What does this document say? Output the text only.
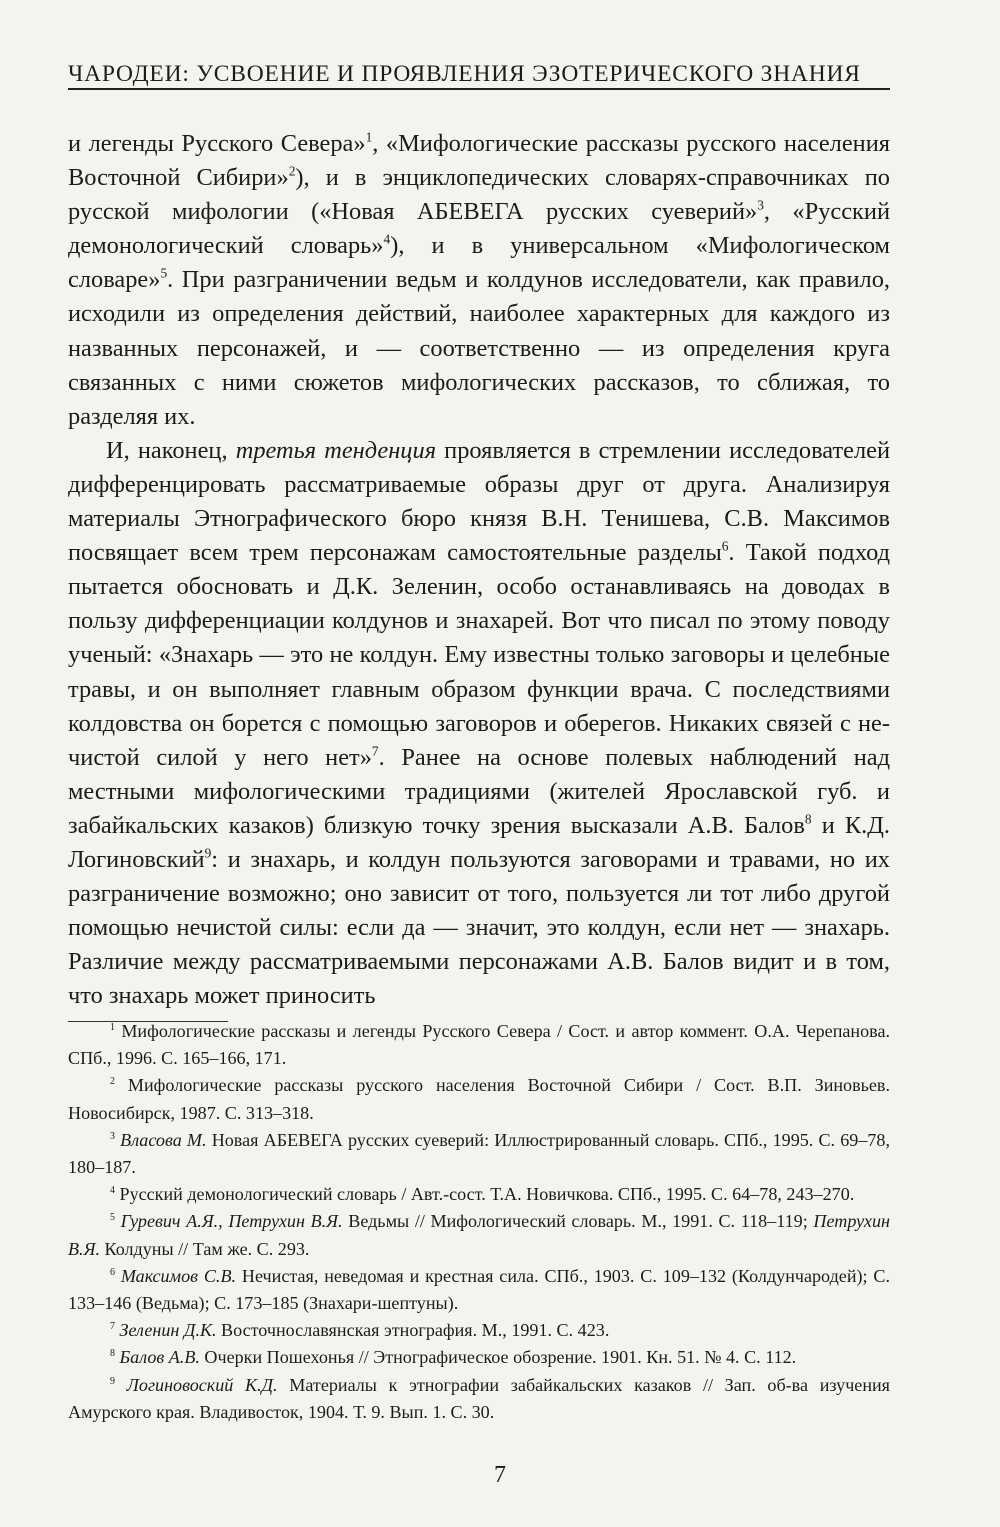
ЧАРОДЕИ: УСВОЕНИЕ И ПРОЯВЛЕНИЯ ЭЗОТЕРИЧЕСКОГО ЗНАНИЯ

и легенды Русского Севера»$^1$, «Мифологические рассказы русского населения Восточной Сибири»$^2$), и в энциклопедических словарях-справочниках по русской мифологии («Новая АБЕВЕГА русских суеверий»$^3$, «Русский демонологический словарь»$^4$), и в универсальном «Мифологическом словаре»$^5$. При разграничении ведьм и колдунов исследователи, как правило, исходили из определения действий, наиболее характерных для каждого из названных персонажей, и — соответственно — из определения круга связанных с ними сюжетов мифологических рассказов, то сближая, то разделяя их.

И, наконец, третья тенденция проявляется в стремлении исследователей дифференцировать рассматриваемые образы друг от друга. Анализируя материалы Этнографического бюро князя В.Н. Тенишева, С.В. Максимов посвящает всем трем персонажам самостоятельные разделы$^6$. Такой подход пытается обосновать и Д.К. Зеленин, особо останавливаясь на доводах в пользу дифференциации колдунов и знахарей. Вот что писал по этому поводу ученый: «Знахарь — это не колдун. Ему известны только заговоры и целебные травы, и он выполняет главным образом функции врача. С последствиями колдовства он борется с помощью заговоров и оберегов. Никаких связей с нечистой силой у него нет»$^7$. Ранее на основе полевых наблюдений над местными мифологическими традициями (жителей Ярославской губ. и забайкальских казаков) близкую точку зрения высказали А.В. Балов$^8$ и К.Д. Логиновский$^9$: и знахарь, и колдун пользуются заговорами и травами, но их разграничение возможно; оно зависит от того, пользуется ли тот либо другой помощью нечистой силы: если да — значит, это колдун, если нет — знахарь. Различие между рассматриваемыми персонажами А.В. Балов видит и в том, что знахарь может приносить

$^1$ Мифологические рассказы и легенды Русского Севера / Сост. и автор коммент. О.А. Черепанова. СПб., 1996. С. 165–166, 171.

$^2$ Мифологические рассказы русского населения Восточной Сибири / Сост. В.П. Зиновьев. Новосибирск, 1987. С. 313–318.

$^3$ Власова М. Новая АБЕВЕГА русских суеверий: Иллюстрированный словарь. СПб., 1995. С. 69–78, 180–187.

$^4$ Русский демонологический словарь / Авт.-сост. Т.А. Новичкова. СПб., 1995. С. 64–78, 243–270.

$^5$ Гуревич А.Я., Петрухин В.Я. Ведьмы // Мифологический словарь. М., 1991. С. 118–119; Петрухин В.Я. Колдуны // Там же. С. 293.

$^6$ Максимов С.В. Нечистая, неведомая и крестная сила. СПб., 1903. С. 109–132 (Колдунчародей); С. 133–146 (Ведьма); С. 173–185 (Знахари-шептуны).

$^7$ Зеленин Д.К. Восточнославянская этнография. М., 1991. С. 423.

$^8$ Балов А.В. Очерки Пошехонья // Этнографическое обозрение. 1901. Кн. 51. № 4. С. 112.

$^9$ Логиновоский К.Д. Материалы к этнографии забайкальских казаков // Зап. об-ва изучения Амурского края. Владивосток, 1904. Т. 9. Вып. 1. С. 30.

7
